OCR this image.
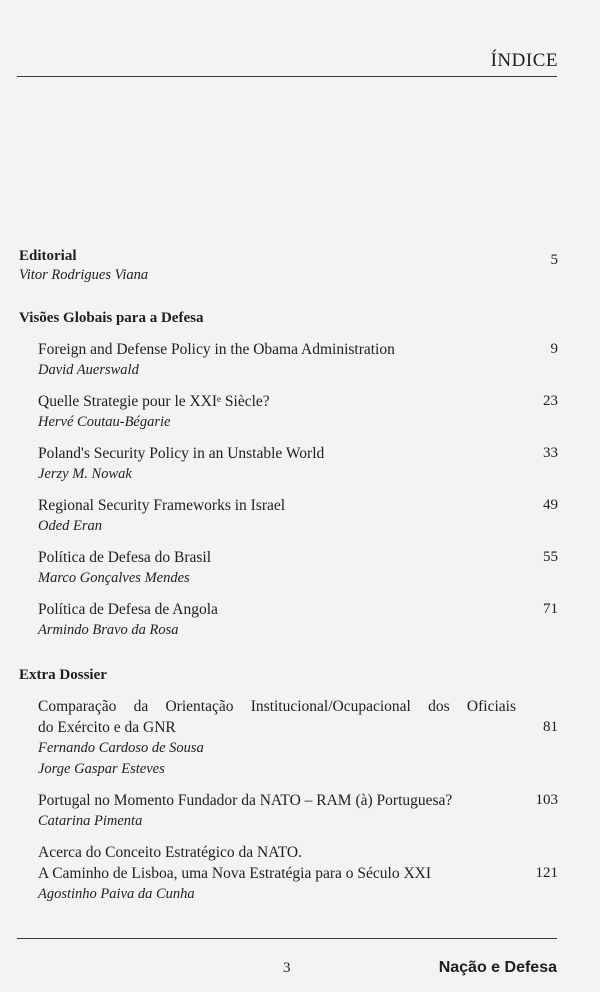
ÍNDICE
Editorial
Vitor Rodrigues Viana
5
Visões Globais para a Defesa
Foreign and Defense Policy in the Obama Administration
David Auerswald
9
Quelle Strategie pour le XXIᵉ Siècle?
Hervé Coutau-Bégarie
23
Poland's Security Policy in an Unstable World
Jerzy M. Nowak
33
Regional Security Frameworks in Israel
Oded Eran
49
Política de Defesa do Brasil
Marco Gonçalves Mendes
55
Política de Defesa de Angola
Armindo Bravo da Rosa
71
Extra Dossier
Comparação da Orientação Institucional/Ocupacional dos Oficiais
do Exército e da GNR
Fernando Cardoso de Sousa
Jorge Gaspar Esteves
81
Portugal no Momento Fundador da NATO – RAM (à) Portuguesa?
Catarina Pimenta
103
Acerca do Conceito Estratégico da NATO.
A Caminho de Lisboa, uma Nova Estratégia para o Século XXI
Agostinho Paiva da Cunha
121
3	Nação e Defesa
